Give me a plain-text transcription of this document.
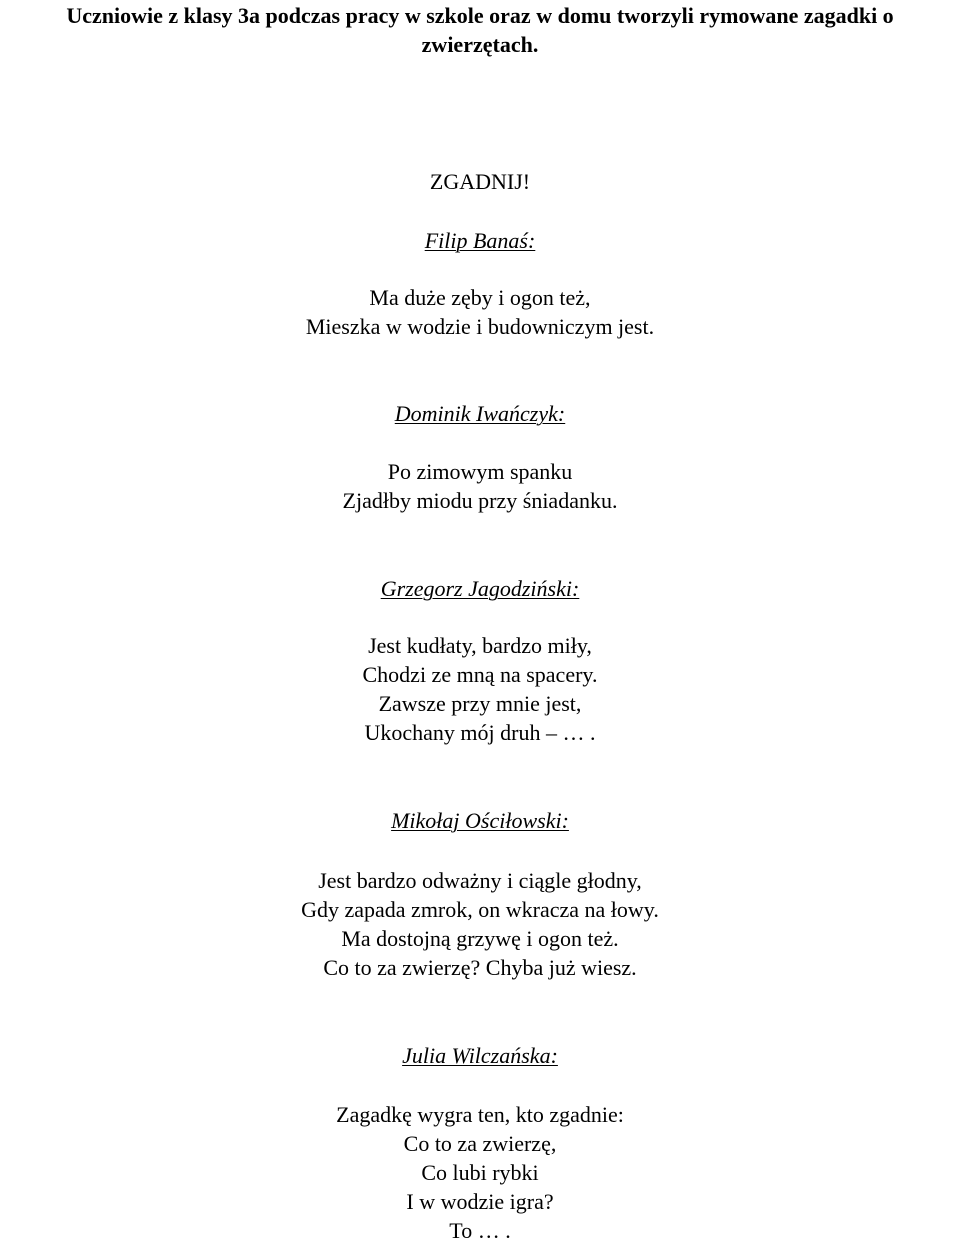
Uczniowie z klasy 3a podczas pracy w szkole oraz w domu tworzyli rymowane zagadki o
zwierzętach.
ZGADNIJ!
Filip Banaś:
Ma duże zęby i ogon też,
Mieszka w wodzie i budowniczym jest.
Dominik Iwańczyk:
Po zimowym spanku
Zjadłby miodu przy śniadanku.
Grzegorz Jagodziński:
Jest kudłaty, bardzo miły,
Chodzi ze mną na spacery.
Zawsze przy mnie jest,
Ukochany mój druh – … .
Mikołaj Ościłowski:
Jest bardzo odważny i ciągle głodny,
Gdy zapada zmrok, on wkracza na łowy.
Ma dostojną grzywę i ogon też.
Co to za zwierzę? Chyba już wiesz.
Julia Wilczańska:
Zagadkę wygra ten, kto zgadnie:
Co to za zwierzę,
Co lubi rybki
I w wodzie igra?
To … .
